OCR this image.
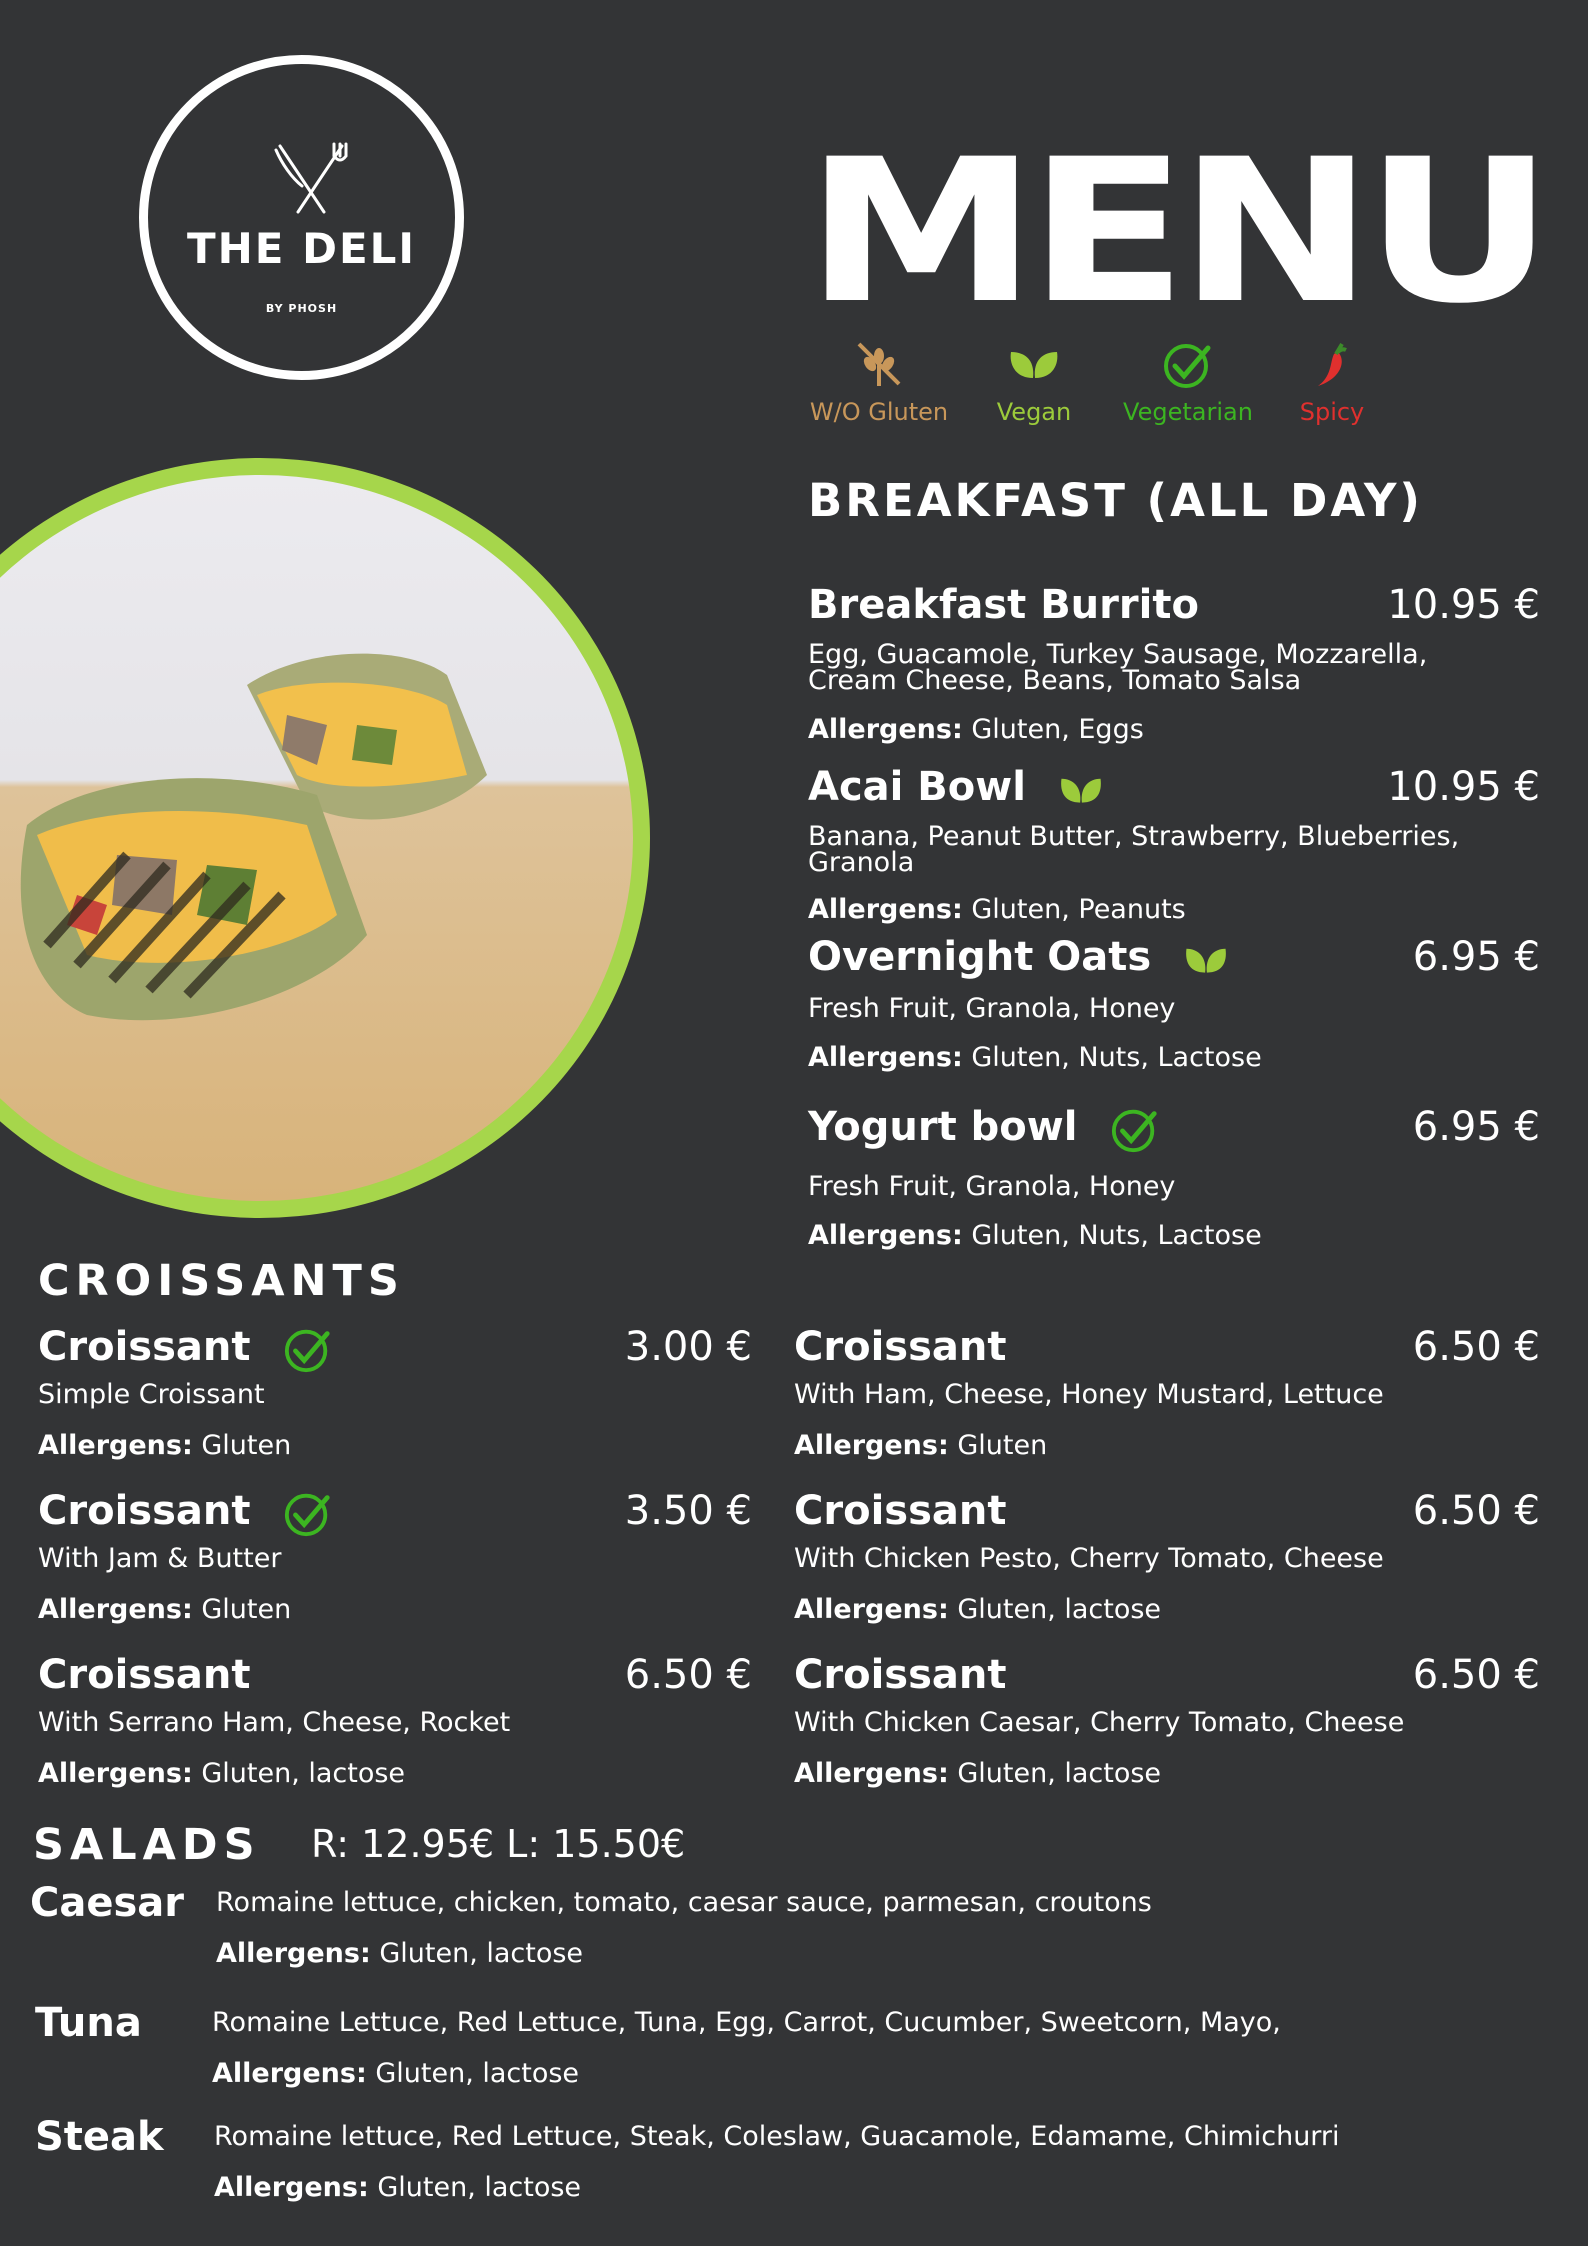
THE DELI
BY PHOSH	MENU
W/O Gluten Vegan Vegetarian Spicy
BREAKFAST (ALL DAY)
Breakfast Burrito	10.95 €
Egg, Guacamole, Turkey Sausage, Mozzarella,
Cream Cheese, Beans, Tomato Salsa
Allergens: Gluten, Eggs
Acai Bowl	10.95 €
Banana, Peanut Butter, Strawberry, Blueberries,
Granola
Allergens: Gluten, Peanuts
Overnight Oats	6.95 €
Fresh Fruit, Granola, Honey
Allergens: Gluten, Nuts, Lactose
Yogurt bowl	6.95 €
Fresh Fruit, Granola, Honey
Allergens: Gluten, Nuts, Lactose
CROISSANTS
Croissant	3.00 €
Simple Croissant
Allergens: Gluten
Croissant	6.50 €
With Ham, Cheese, Honey Mustard, Lettuce
Allergens: Gluten
Croissant	3.50 €
With Jam & Butter
Allergens: Gluten
Croissant	6.50 €
With Chicken Pesto, Cherry Tomato, Cheese
Allergens: Gluten, lactose
Croissant	6.50 €
With Serrano Ham, Cheese, Rocket
Allergens: Gluten, lactose
Croissant	6.50 €
With Chicken Caesar, Cherry Tomato, Cheese
Allergens: Gluten, lactose
SALADS R: 12.95€ L: 15.50€
Caesar Romaine lettuce, chicken, tomato, caesar sauce, parmesan, croutons
Allergens: Gluten, lactose
Tuna	Romaine Lettuce, Red Lettuce, Tuna, Egg, Carrot, Cucumber, Sweetcorn, Mayo,
Allergens: Gluten, lactose
Steak Romaine lettuce, Red Lettuce, Steak, Coleslaw, Guacamole, Edamame, Chimichurri
Allergens: Gluten, lactose
